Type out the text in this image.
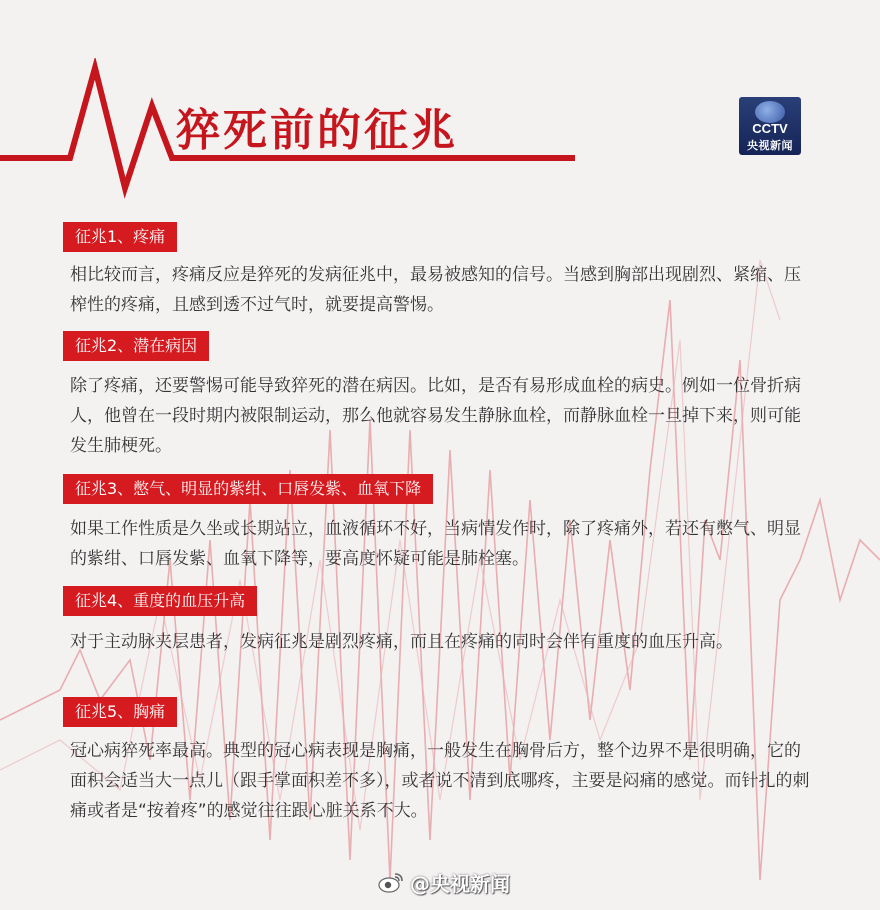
猝死前的征兆	CCTV
央视新闻
征兆1、疼痛
相比较而言，疼痛反应是猝死的发病征兆中，最易被感知的信号。当感到胸部出现剧烈、紧缩、压榨性的疼痛，且感到透不过气时，就要提高警惕。
征兆2、潜在病因
除了疼痛，还要警惕可能导致猝死的潜在病因。比如，是否有易形成血栓的病史。例如一位骨折病人，他曾在一段时期内被限制运动，那么他就容易发生静脉血栓，而静脉血栓一旦掉下来，则可能发生肺梗死。
征兆3、憋气、明显的紫绀、口唇发紫、血氧下降
如果工作性质是久坐或长期站立，血液循环不好，当病情发作时，除了疼痛外，若还有憋气、明显的紫绀、口唇发紫、血氧下降等，要高度怀疑可能是肺栓塞。
征兆4、重度的血压升高
对于主动脉夹层患者，发病征兆是剧烈疼痛，而且在疼痛的同时会伴有重度的血压升高。
征兆5、胸痛
冠心病猝死率最高。典型的冠心病表现是胸痛，一般发生在胸骨后方，整个边界不是很明确，它的面积会适当大一点儿（跟手掌面积差不多），或者说不清到底哪疼，主要是闷痛的感觉。而针扎的刺痛或者是“按着疼”的感觉往往跟心脏关系不大。
@央视新闻
